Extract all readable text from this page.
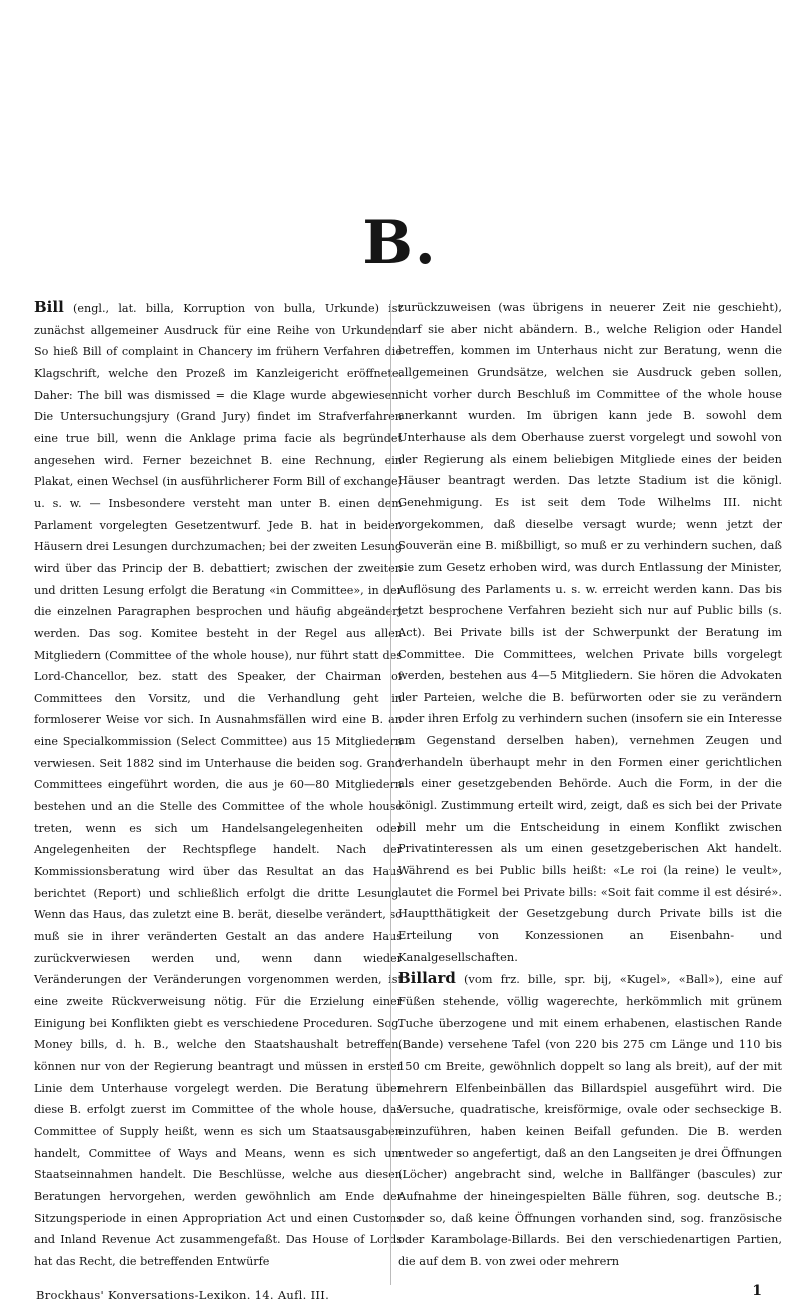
B.

Bill (engl., lat. billa, Korruption von bulla, Urkunde) ist zunächst allgemeiner Ausdruck für eine Reihe von Urkunden. So hieß Bill of complaint in Chancery im frühern Verfahren die Klagschrift, welche den Prozeß im Kanzleigericht eröffnete. Daher: The bill was dismissed = die Klage wurde abgewiesen. Die Untersuchungsjury (Grand Jury) findet im Strafverfahren eine true bill, wenn die Anklage prima facie als begründet angesehen wird. Ferner bezeichnet B. eine Rechnung, ein Plakat, einen Wechsel (in ausführlicherer Form Bill of exchange) u. s. w. — Insbesondere versteht man unter B. einen dem Parlament vorgelegten Gesetzentwurf. Jede B. hat in beiden Häusern drei Lesungen durchzumachen; bei der zweiten Lesung wird über das Princip der B. debattiert; zwischen der zweiten und dritten Lesung erfolgt die Beratung «in Committee», in der die einzelnen Paragraphen besprochen und häufig abgeändert werden. Das sog. Komitee besteht in der Regel aus allen Mitgliedern (Committee of the whole house), nur führt statt des Lord-Chancellor, bez. statt des Speaker, der Chairman of Committees den Vorsitz, und die Verhandlung geht in formloserer Weise vor sich. In Ausnahmsfällen wird eine B. an eine Specialkommission (Select Committee) aus 15 Mitgliedern verwiesen. Seit 1882 sind im Unterhause die beiden sog. Grand Committees eingeführt worden, die aus je 60—80 Mitgliedern bestehen und an die Stelle des Committee of the whole house treten, wenn es sich um Handelsangelegenheiten oder Angelegenheiten der Rechtspflege handelt. Nach der Kommissionsberatung wird über das Resultat an das Haus berichtet (Report) und schließlich erfolgt die dritte Lesung. Wenn das Haus, das zuletzt eine B. berät, dieselbe verändert, so muß sie in ihrer veränderten Gestalt an das andere Haus zurückverwiesen werden und, wenn dann wieder Veränderungen der Veränderungen vorgenommen werden, ist eine zweite Rückverweisung nötig. Für die Erzielung einer Einigung bei Konflikten giebt es verschiedene Proceduren. Sog. Money bills, d. h. B., welche den Staatshaushalt betreffen, können nur von der Regierung beantragt und müssen in erster Linie dem Unterhause vorgelegt werden. Die Beratung über diese B. erfolgt zuerst im Committee of the whole house, das Committee of Supply heißt, wenn es sich um Staatsausgaben handelt, Committee of Ways and Means, wenn es sich um Staatseinnahmen handelt. Die Beschlüsse, welche aus diesen Beratungen hervorgehen, werden gewöhnlich am Ende der Sitzungsperiode in einen Appropriation Act und einen Customs and Inland Revenue Act zusammengefaßt. Das House of Lords hat das Recht, die betreffenden Entwürfe

zurückzuweisen (was übrigens in neuerer Zeit nie geschieht), darf sie aber nicht abändern. B., welche Religion oder Handel betreffen, kommen im Unterhaus nicht zur Beratung, wenn die allgemeinen Grundsätze, welchen sie Ausdruck geben sollen, nicht vorher durch Beschluß im Committee of the whole house anerkannt wurden. Im übrigen kann jede B. sowohl dem Unterhause als dem Oberhause zuerst vorgelegt und sowohl von der Regierung als einem beliebigen Mitgliede eines der beiden Häuser beantragt werden. Das letzte Stadium ist die königl. Genehmigung. Es ist seit dem Tode Wilhelms III. nicht vorgekommen, daß dieselbe versagt wurde; wenn jetzt der Souverän eine B. mißbilligt, so muß er zu verhindern suchen, daß sie zum Gesetz erhoben wird, was durch Entlassung der Minister, Auflösung des Parlaments u. s. w. erreicht werden kann. Das bis jetzt besprochene Verfahren bezieht sich nur auf Public bills (s. Act). Bei Private bills ist der Schwerpunkt der Beratung im Committee. Die Committees, welchen Private bills vorgelegt werden, bestehen aus 4—5 Mitgliedern. Sie hören die Advokaten der Parteien, welche die B. befürworten oder sie zu verändern oder ihren Erfolg zu verhindern suchen (insofern sie ein Interesse am Gegenstand derselben haben), vernehmen Zeugen und verhandeln überhaupt mehr in den Formen einer gerichtlichen als einer gesetzgebenden Behörde. Auch die Form, in der die königl. Zustimmung erteilt wird, zeigt, daß es sich bei der Private bill mehr um die Entscheidung in einem Konflikt zwischen Privatinteressen als um einen gesetzgeberischen Akt handelt. Während es bei Public bills heißt: «Le roi (la reine) le veult», lautet die Formel bei Private bills: «Soit fait comme il est désiré». Hauptthätigkeit der Gesetzgebung durch Private bills ist die Erteilung von Konzessionen an Eisenbahn- und Kanalgesellschaften.

Billard (vom frz. bille, spr. bij, «Kugel», «Ball»), eine auf Füßen stehende, völlig wagerechte, herkömmlich mit grünem Tuche überzogene und mit einem erhabenen, elastischen Rande (Bande) versehene Tafel (von 220 bis 275 cm Länge und 110 bis 150 cm Breite, gewöhnlich doppelt so lang als breit), auf der mit mehrern Elfenbeinbällen das Billardspiel ausgeführt wird. Die Versuche, quadratische, kreisförmige, ovale oder sechseckige B. einzuführen, haben keinen Beifall gefunden. Die B. werden entweder so angefertigt, daß an den Langseiten je drei Öffnungen (Löcher) angebracht sind, welche in Ballfänger (bascules) zur Aufnahme der hineingespielten Bälle führen, sog. deutsche B.; oder so, daß keine Öffnungen vorhanden sind, sog. französische oder Karambolage-Billards. Bei den verschiedenartigen Partien, die auf dem B. von zwei oder mehrern

Brockhaus' Konversations-Lexikon. 14. Aufl. III.	1
